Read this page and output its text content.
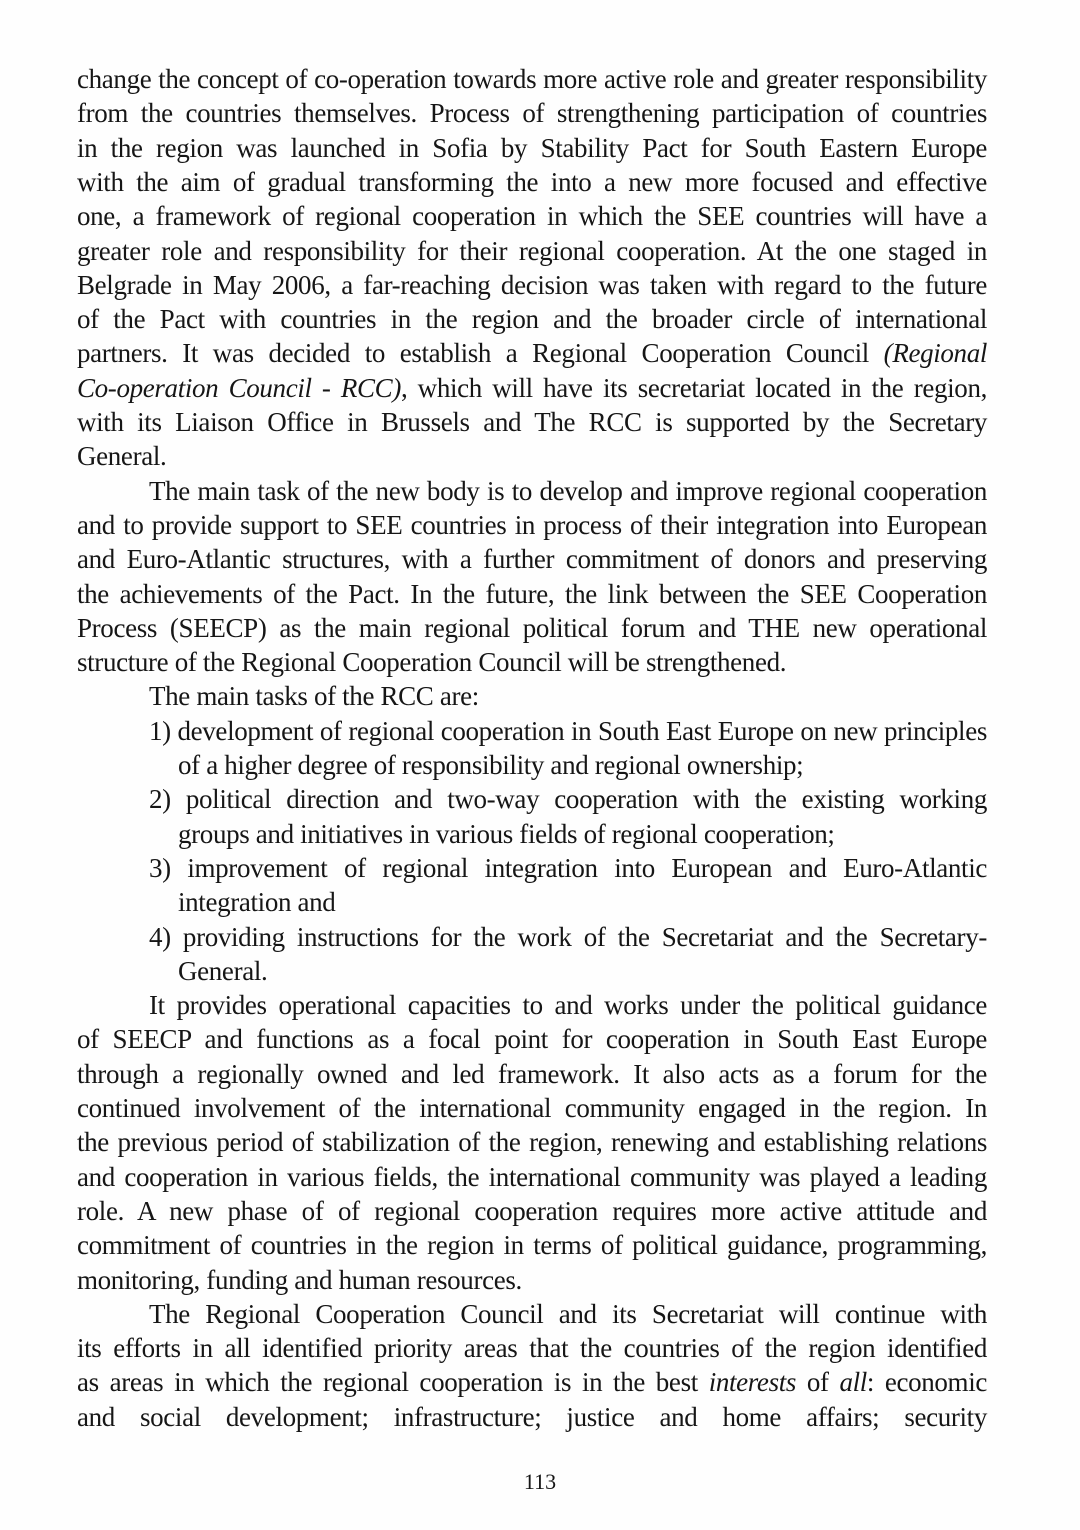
change the concept of co-operation towards more active role and greater responsibility
from the countries themselves. Process of strengthening participation of countries
in the region was launched in Sofia by Stability Pact for South Eastern Europe
with the aim of gradual transforming the into a new more focused and effective
one, a framework of regional cooperation in which the SEE countries will have a
greater role and responsibility for their regional cooperation. At the one staged in
Belgrade in May 2006, a far-reaching decision was taken with regard to the future
of the Pact with countries in the region and the broader circle of international
partners. It was decided to establish a Regional Cooperation Council (Regional
Co-operation Council - RCC), which will have its secretariat located in the region,
with its Liaison Office in Brussels and The RCC is supported by the Secretary
General.
The main task of the new body is to develop and improve regional cooperation
and to provide support to SEE countries in process of their integration into European
and Euro-Atlantic structures, with a further commitment of donors and preserving
the achievements of the Pact. In the future, the link between the SEE Cooperation
Process (SEECP) as the main regional political forum and THE new operational
structure of the Regional Cooperation Council will be strengthened.
The main tasks of the RCC are:
1) development of regional cooperation in South East Europe on new principles
of a higher degree of responsibility and regional ownership;
2) political direction and two-way cooperation with the existing working
groups and initiatives in various fields of regional cooperation;
3) improvement of regional integration into European and Euro-Atlantic
integration and
4) providing instructions for the work of the Secretariat and the Secretary-
General.
It provides operational capacities to and works under the political guidance
of SEECP and functions as a focal point for cooperation in South East Europe
through a regionally owned and led framework. It also acts as a forum for the
continued involvement of the international community engaged in the region. In
the previous period of stabilization of the region, renewing and establishing relations
and cooperation in various fields, the international community was played a leading
role. A new phase of of regional cooperation requires more active attitude and
commitment of countries in the region in terms of political guidance, programming,
monitoring, funding and human resources.
The Regional Cooperation Council and its Secretariat will continue with
its efforts in all identified priority areas that the countries of the region identified
as areas in which the regional cooperation is in the best interests of all: economic
and social development; infrastructure; justice and home affairs; security
113
